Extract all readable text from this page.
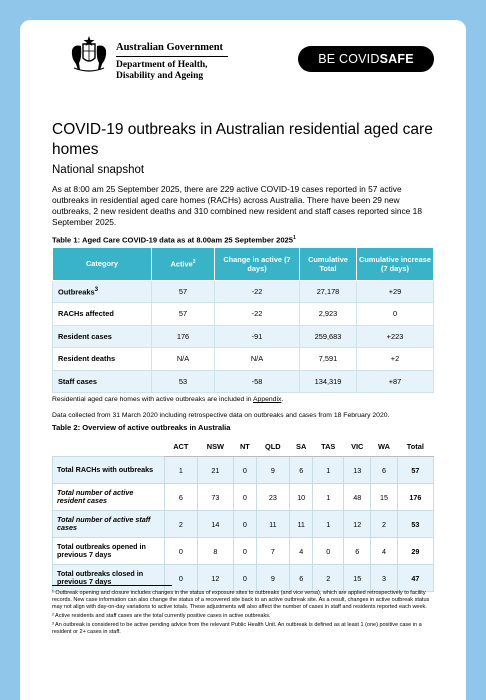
Australian Government
Department of Health,
Disability and Ageing
BE COVIDSAFE
COVID-19 outbreaks in Australian residential aged care homes
National snapshot
As at 8:00 am 25 September 2025, there are 229 active COVID-19 cases reported in 57 active outbreaks in residential aged care homes (RACHs) across Australia. There have been 29 new outbreaks, 2 new resident deaths and 310 combined new resident and staff cases reported since 18 September 2025.
Table 1: Aged Care COVID-19 data as at 8.00am 25 September 2025$^1$
Category	Active$^2$	Change in active (7 days)	Cumulative Total	Cumulative increase (7 days)
Outbreaks$^3$	57	-22	27,178	+29
RACHs affected	57	-22	2,923	0
Resident cases	176	-91	259,683	+223
Resident deaths	N/A	N/A	7,591	+2
Staff cases	53	-58	134,319	+87
Residential aged care homes with active outbreaks are included in Appendix.
Data collected from 31 March 2020 including retrospective data on outbreaks and cases from 18 February 2020.
Table 2: Overview of active outbreaks in Australia
	ACT	NSW	NT	QLD	SA	TAS	VIC	WA	Total
Total RACHs with outbreaks	1	21	0	9	6	1	13	6	57
Total number of active resident cases	6	73	0	23	10	1	48	15	176
Total number of active staff cases	2	14	0	11	11	1	12	2	53
Total outbreaks opened in previous 7 days	0	8	0	7	4	0	6	4	29
Total outbreaks closed in previous 7 days	0	12	0	9	6	2	15	3	47
¹ Outbreak opening and closure includes changes in the status of exposure sites to outbreaks (and vice versa), which are applied retrospectively to facility records. New case information can also change the status of a recovered site back to an active outbreak site. As a result, changes in active outbreak status may not align with day-on-day variations to active totals. These adjustments will also affect the number of cases in staff and residents reported each week.
² Active residents and staff cases are the total currently positive cases in active outbreaks.
³ An outbreak is considered to be active pending advice from the relevant Public Health Unit. An outbreak is defined as at least 1 (one) positive case in a resident or 2+ cases in staff.
